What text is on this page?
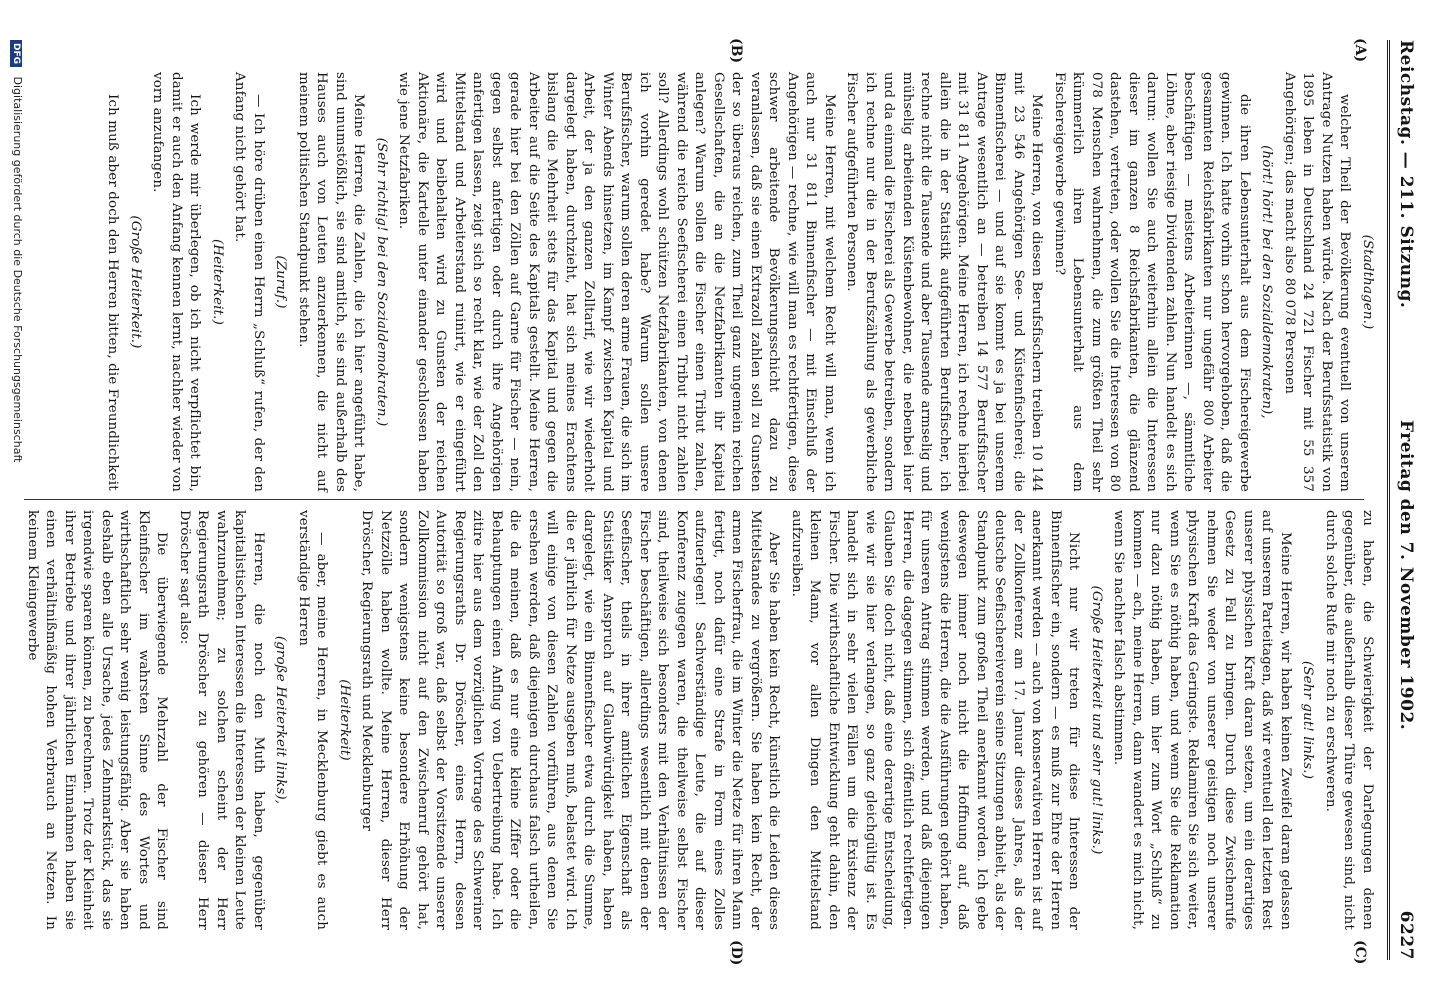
Reichstag. — 211. Sitzung.
Freitag den 7. November 1902.
6227
(A)
(B)
(C)
(D)

(Stadthagen.)

welcher Theil der Bevölkerung eventuell von unserem Antrage Nutzen haben würde. Nach der Berufsstatistik von 1895 leben in Deutschland 24 721 Fischer mit 55 357 Angehörigen; das macht also 80 078 Personen

(hört! hört! bei den Sozialdemokraten),

die ihren Lebensunterhalt aus dem Fischereigewerbe gewinnen. Ich hatte vorhin schon hervorgehoben, daß die gesammten Reichsfabrikanten nur ungefähr 800 Arbeiter beschäftigen — meistens Arbeiterinnen —, sämmtliche Löhne, aber riesige Dividenden zahlen. Nun handelt es sich darum: wollen Sie auch weiterhin allein die Interessen dieser im ganzen 8 Reichsfabrikanten, die glänzend dastehen, vertreten, oder wollen Sie die Interessen von 80 078 Menschen wahrnehmen, die zum größten Theil sehr kümmerlich ihren Lebensunterhalt aus dem Fischereigewerbe gewinnen?

Meine Herren, von diesen Berufsfischern treiben 10 144 mit 23 546 Angehörigen See- und Küstenfischerei; die Binnenfischerei — und auf sie kommt es ja bei unserem Antrage wesentlich an — betreiben 14 577 Berufsfischer mit 31 811 Angehörigen. Meine Herren, ich rechne hierbei allein die in der Statistik aufgeführten Berufsfischer, ich rechne nicht die Tausende und aber Tausende armselig und mühselig arbeitenden Küstenbewohner, die nebenbei hier und da einmal die Fischerei als Gewerbe betreiben, sondern ich rechne nur die in der Berufszählung als gewerbliche Fischer aufgeführten Personen.

Meine Herren, mit welchem Recht will man, wenn ich auch nur 31 811 Binnenfischer — mit Einschluß der Angehörigen — rechne, wie will man es rechtfertigen, diese schwer arbeitende Bevölkerungsschicht dazu zu veranlassen, daß sie einen Extrazoll zahlen soll zu Gunsten der so überaus reichen, zum Theil ganz ungemein reichen Gesellschaften, die an die Netzfabrikanten ihr Kapital anlegen? Warum sollen die Fischer einen Tribut zahlen, während die reiche Seefischerei einen Tribut nicht zahlen soll? Allerdings wohl schützen Netzfabrikanten, von denen ich vorhin geredet habe? Warum sollen unsere Berufsfischer, warum sollen deren arme Frauen, die sich im Winter Abends hinsetzen, im Kampf zwischen Kapital und Arbeit, der ja den ganzen Zolltarif, wie wir wiederholt dargelegt haben, durchzieht, hat sich meines Erachtens bislang die Mehrheit stets für das Kapital und gegen die Arbeiter auf die Seite des Kapitals gestellt. Meine Herren, gerade hier bei den Zöllen auf Garne für Fischer — nein, gegen selbst anfertigen oder durch ihre Angehörigen anfertigen lassen, zeigt sich so recht klar, wie der Zoll den Mittelstand und Arbeiterstand ruinirt, wie er eingeführt wird und beibehalten wird zu Gunsten der reichen Aktionäre, die Kartelle unter einander geschlossen haben wie jene Netzfabriken.

(Sehr richtig! bei den Sozialdemokraten.)

Meine Herren, die Zahlen, die ich hier angeführt habe, sind unumstößlich, sie sind amtlich, sie sind außerhalb des Hauses auch von Leuten anzuerkennen, die nicht auf meinem politischen Standpunkt stehen.

(Zuruf.)

— Ich höre drüben einen Herrn „Schluß“ rufen, der den Anfang nicht gehört hat.

(Heiterkeit.)

Ich werde mir überlegen, ob ich nicht verpflichtet bin, damit er auch den Anfang kennen lernt, nachher wieder von vorn anzufangen.

(Große Heiterkeit.)

Ich muß aber doch den Herren bitten, die Freundlichkeit

zu haben, die Schwierigkeit der Darlegungen denen gegenüber, die außerhalb dieser Thüre gewesen sind, nicht durch solche Rufe mir noch zu erschweren.

(Sehr gut! links.)

Meine Herren, wir haben keinen Zweifel daran gelassen auf unserem Parteitagen, daß wir eventuell den letzten Rest unserer physischen Kraft daran setzen, um ein derartiges Gesetz zu Fall zu bringen. Durch diese Zwischenrufe nehmen Sie weder von unserer geistigen noch unserer physischen Kraft das Geringste. Reklamiren Sie sich weiter, wenn Sie es nöthig haben, und wenn Sie die Reklamation nur dazu nöthig haben, um hier zum Wort „Schluß“ zu kommen — ach, meine Herren, dann wandert es mich nicht, wenn Sie nachher falsch abstimmen.

(Große Heiterkeit und sehr gut! links.)

Nicht nur wir treten für diese Interessen der Binnenfischer ein, sondern — es muß zur Ehre der Herren anerkannt werden — auch von konservativen Herren ist auf der Zollkonferenz am 17. Januar dieses Jahres, als der deutsche Seefischereiverein seine Sitzungen abhielt, als der Standpunkt zum großen Theil anerkannt worden. Ich gebe deswegen immer noch nicht die Hoffnung auf, daß wenigstens die Herren, die die Ausführungen gehört haben, für unseren Antrag stimmen werden, und daß diejenigen Herren, die dagegen stimmen, sich öffentlich rechtfertigen. Glauben Sie doch nicht, daß eine derartige Entscheidung, wie wir sie hier verlangen, so ganz gleichgültig ist. Es handelt sich in sehr vielen Fällen um die Existenz der Fischer. Die wirthschaftliche Entwicklung geht dahin, den kleinen Mann, vor allen Dingen den Mittelstand aufzureiben.

Aber Sie haben kein Recht, künstlich die Leiden dieses Mittelstandes zu vergrößern. Sie haben kein Recht, der armen Fischerfrau, die im Winter die Netze für ihren Mann fertigt, noch dafür eine Strafe in Form eines Zolles aufzuerlegen! Sachverständige Leute, die auf dieser Konferenz zugegen waren, die theilweise selbst Fischer sind, theilweise sich besonders mit den Verhältnissen der Fischer beschäftigen, allerdings wesentlich mit denen der Seefischer, theils in ihrer amtlichen Eigenschaft als Statistiker Anspruch auf Glaubwürdigkeit haben, haben dargelegt, wie ein Binnenfischer etwa durch die Summe, die er jährlich für Netze ausgeben muß, belastet wird. Ich will einige von diesen Zahlen vorführen, aus denen Sie ersehen werden, daß diejenigen durchaus falsch urtheilen, die da meinen, daß es nur eine kleine Ziffer oder die Behauptungen einen Anflug von Uebertreibung habe. Ich zitire hier aus dem vorzüglichen Vortrage des Schweriner Regierungsraths Dr. Dröscher, eines Herrn, dessen Autorität so groß war, daß selbst der Vorsitzende unserer Zollkommission nicht auf den Zwischenruf gehört hat, sondern wenigstens keine besondere Erhöhung der Netzzölle haben wollte. Meine Herren, dieser Herr Dröscher, Regierungsrath und Mecklenburger

(Heiterkeit)

— aber, meine Herren, in Mecklenburg giebt es auch verständige Herren

(große Heiterkeit links),

Herren, die noch den Muth haben, gegenüber kapitalistischen Interessen die Interessen der kleinen Leute wahrzunehmen; zu solchen scheint der Herr Regierungsrath Dröscher zu gehören — dieser Herr Dröscher sagt also:

Die überwiegende Mehrzahl der Fischer sind Kleinfischer im wahrsten Sinne des Wortes und wirthschaftlich sehr wenig leistungsfähig. Aber sie haben deshalb eben alle Ursache, jedes Zehnmarkstück, das sie irgendwie sparen können, zu berechnen. Trotz der Kleinheit ihrer Betriebe und ihrer jährlichen Einnahmen haben sie einen verhältnißmäßig hohen Verbrauch an Netzen. In keinem Kleingewerbe

DFG Digitalisierung gefördert durch die Deutsche Forschungsgemeinschaft
